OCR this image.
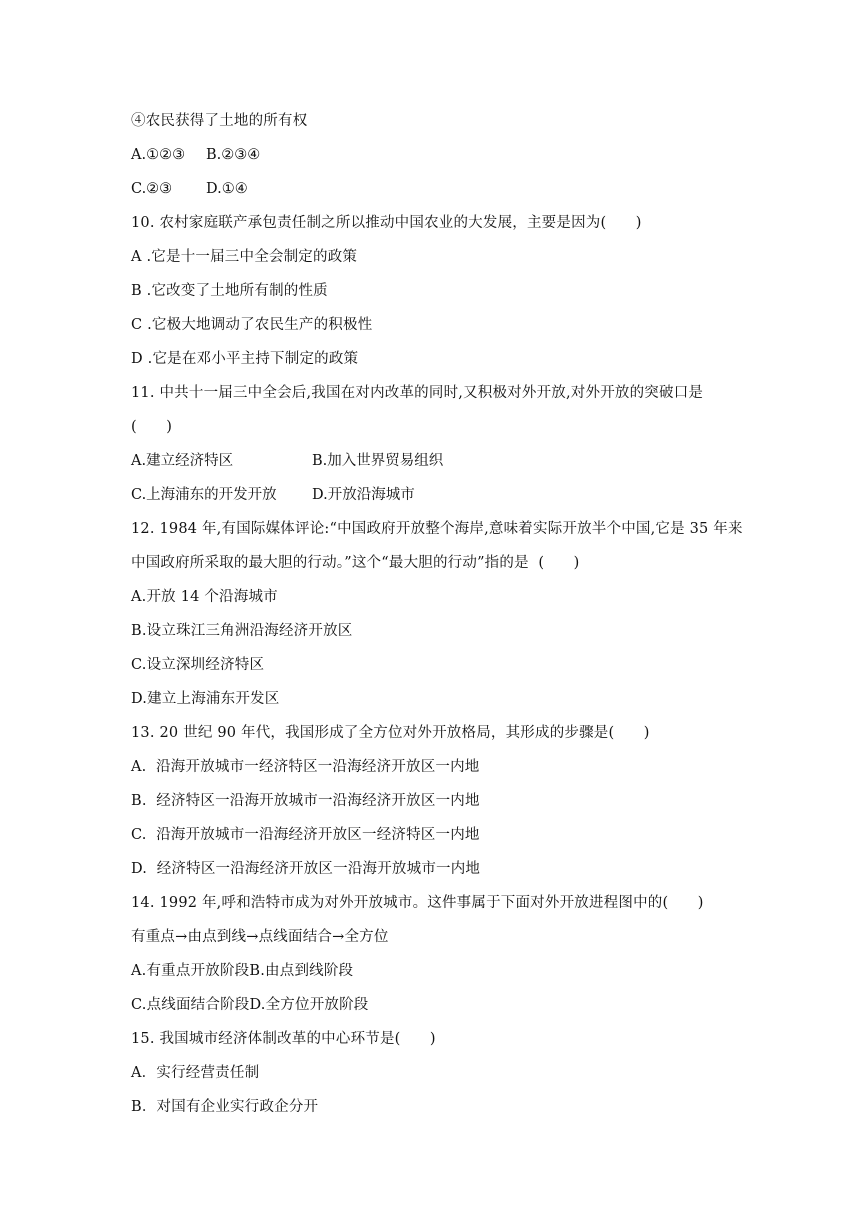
④农民获得了土地的所有权
A.①②③ B.②③④
C.②③ D.①④
10. 农村家庭联产承包责任制之所以推动中国农业的大发展，主要是因为(　　)
A .它是十一届三中全会制定的政策
B .它改变了土地所有制的性质
C .它极大地调动了农民生产的积极性
D .它是在邓小平主持下制定的政策
11. 中共十一届三中全会后,我国在对内改革的同时,又积极对外开放,对外开放的突破口是
(　　)
A.建立经济特区	B.加入世界贸易组织
C.上海浦东的开发开放 D.开放沿海城市
12. 1984 年,有国际媒体评论:“中国政府开放整个海岸,意味着实际开放半个中国,它是 35 年来
中国政府所采取的最大胆的行动。”这个“最大胆的行动”指的是  (　　)
A.开放 14 个沿海城市
B.设立珠江三角洲沿海经济开放区
C.设立深圳经济特区
D.建立上海浦东开发区
13. 20 世纪 90 年代，我国形成了全方位对外开放格局，其形成的步骤是(　　)
A.  沿海开放城市一经济特区一沿海经济开放区一内地
B.  经济特区一沿海开放城市一沿海经济开放区一内地
C.  沿海开放城市一沿海经济开放区一经济特区一内地
D.  经济特区一沿海经济开放区一沿海开放城市一内地
14. 1992 年,呼和浩特市成为对外开放城市。这件事属于下面对外开放进程图中的(　　)
有重点→由点到线→点线面结合→全方位
A.有重点开放阶段B.由点到线阶段
C.点线面结合阶段D.全方位开放阶段
15. 我国城市经济体制改革的中心环节是(　　)
A．实行经营责任制
B．对国有企业实行政企分开
